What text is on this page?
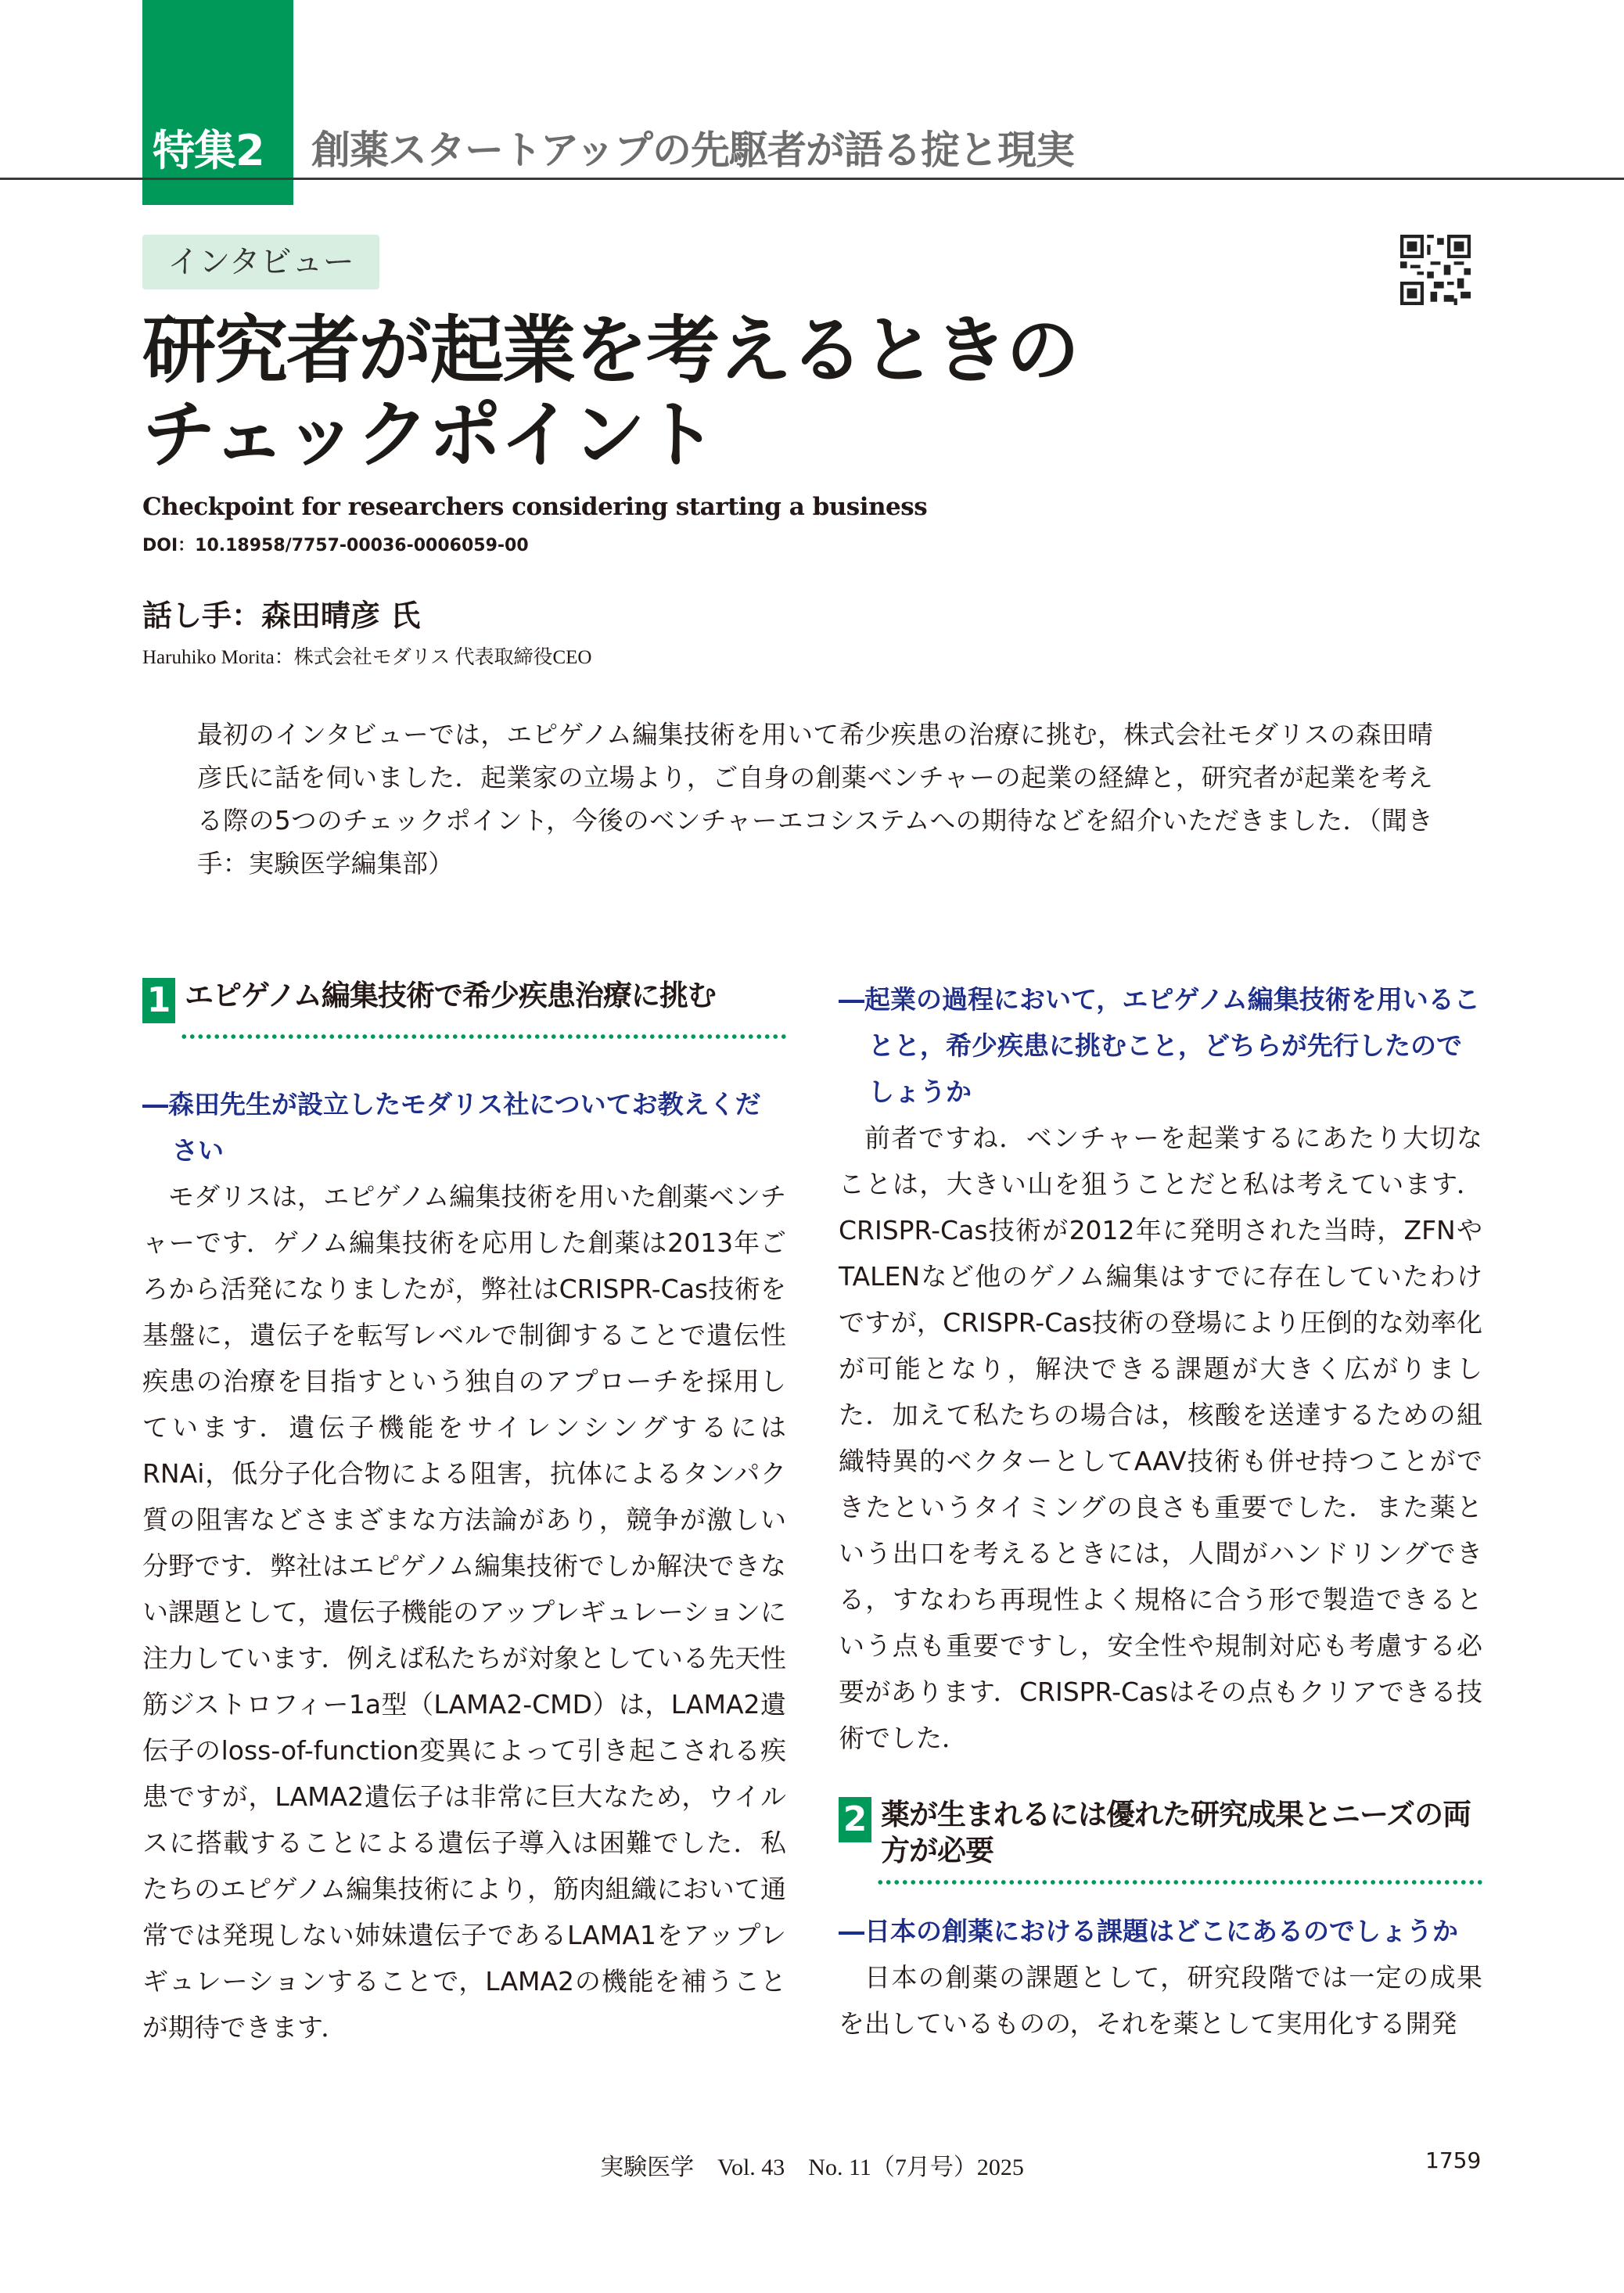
特集2 創薬スタートアップの先駆者が語る掟と現実
インタビュー
研究者が起業を考えるときの
チェックポイント
Checkpoint for researchers considering starting a business
DOI：10.18958/7757-00036-0006059-00
話し手：森田晴彦 氏
Haruhiko Morita：株式会社モダリス 代表取締役CEO
最初のインタビューでは，エピゲノム編集技術を用いて希少疾患の治療に挑む，株式会社モダリスの森田晴彦氏に話を伺いました．起業家の立場より，ご自身の創薬ベンチャーの起業の経緯と，研究者が起業を考える際の5つのチェックポイント，今後のベンチャーエコシステムへの期待などを紹介いただきました．（聞き手：実験医学編集部）
1 エピゲノム編集技術で希少疾患治療に挑む
―森田先生が設立したモダリス社についてお教えください

モダリスは，エピゲノム編集技術を用いた創薬ベンチャーです．ゲノム編集技術を応用した創薬は2013年ごろから活発になりましたが，弊社はCRISPR-Cas技術を基盤に，遺伝子を転写レベルで制御することで遺伝性疾患の治療を目指すという独自のアプローチを採用しています．遺伝子機能をサイレンシングするにはRNAi，低分子化合物による阻害，抗体によるタンパク質の阻害などさまざまな方法論があり，競争が激しい分野です．弊社はエピゲノム編集技術でしか解決できない課題として，遺伝子機能のアップレギュレーションに注力しています．例えば私たちが対象としている先天性筋ジストロフィー1a型（LAMA2-CMD）は，LAMA2遺伝子のloss-of-function変異によって引き起こされる疾患ですが，LAMA2遺伝子は非常に巨大なため，ウイルスに搭載することによる遺伝子導入は困難でした．私たちのエピゲノム編集技術により，筋肉組織において通常では発現しない姉妹遺伝子であるLAMA1をアップレギュレーションすることで，LAMA2の機能を補うことが期待できます．

―起業の過程において，エピゲノム編集技術を用いることと，希少疾患に挑むこと，どちらが先行したのでしょうか

前者ですね．ベンチャーを起業するにあたり大切なことは，大きい山を狙うことだと私は考えています．CRISPR-Cas技術が2012年に発明された当時，ZFNやTALENなど他のゲノム編集はすでに存在していたわけですが，CRISPR-Cas技術の登場により圧倒的な効率化が可能となり，解決できる課題が大きく広がりました．加えて私たちの場合は，核酸を送達するための組織特異的ベクターとしてAAV技術も併せ持つことができたというタイミングの良さも重要でした．また薬という出口を考えるときには，人間がハンドリングできる，すなわち再現性よく規格に合う形で製造できるという点も重要ですし，安全性や規制対応も考慮する必要があります．CRISPR-Casはその点もクリアできる技術でした．

2 薬が生まれるには優れた研究成果とニーズの両方が必要
―日本の創薬における課題はどこにあるのでしょうか

日本の創薬の課題として，研究段階では一定の成果を出しているものの，それを薬として実用化する開発

実験医学　Vol. 43　No. 11（7月号）2025	1759
